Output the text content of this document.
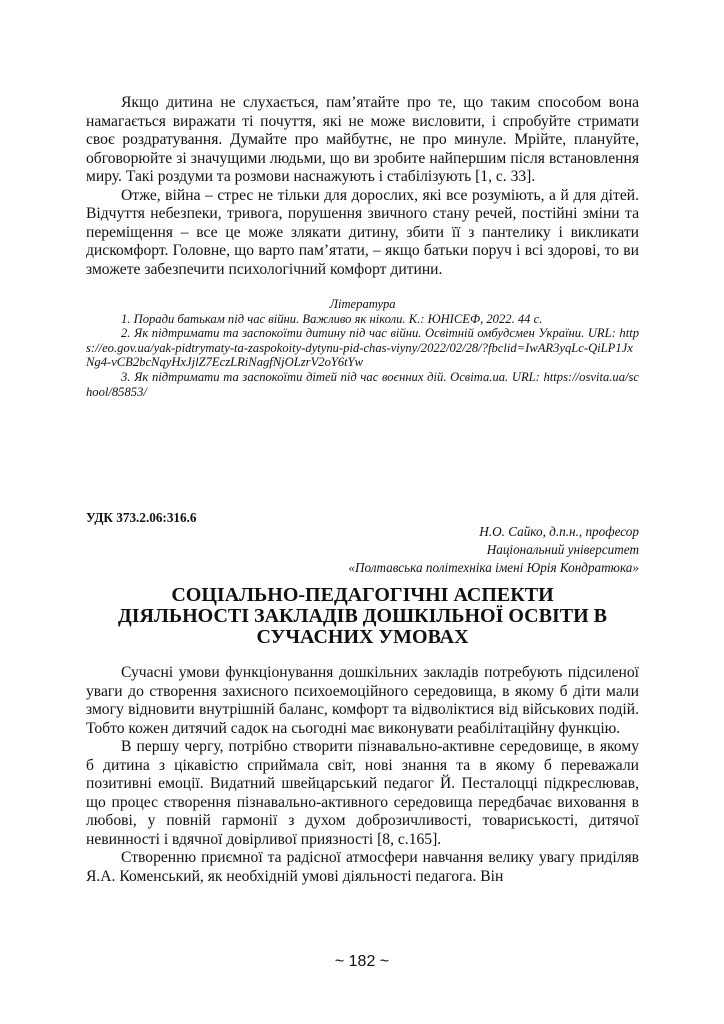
Якщо дитина не слухається, пам’ятайте про те, що таким способом вона намагається виражати ті почуття, які не може висловити, і спробуйте стримати своє роздратування. Думайте про майбутнє, не про минуле. Мрійте, плануйте, обговорюйте зі значущими людьми, що ви зробите найпершим після встановлення миру. Такі роздуми та розмови наснажують і стабілізують [1, с. 33].

Отже, війна – стрес не тільки для дорослих, які все розуміють, а й для дітей. Відчуття небезпеки, тривога, порушення звичного стану речей, постійні зміни та переміщення – все це може злякати дитину, збити її з пантелику і викликати дискомфорт. Головне, що варто пам’ятати, – якщо батьки поруч і всі здорові, то ви зможете забезпечити психологічний комфорт дитини.

Література

1. Поради батькам під час війни. Важливо як ніколи. К.: ЮНІСЕФ, 2022. 44 с.

2. Як підтримати та заспокоїти дитину під час війни. Освітній омбудсмен України. URL: https://eo.gov.ua/yak-pidtrymaty-ta-zaspokoity-dytynu-pid-chas-viyny/2022/02/28/?fbclid=IwAR3yqLc-QiLP1JxNg4-vCB2bcNqyHxJjlZ7EczLRiNagfNjOLzrV2oY6tYw

3. Як підтримати та заспокоїти дітей під час воєнних дій. Освіта.ua. URL: https://osvita.ua/school/85853/

УДК 373.2.06:316.6
Н.О. Сайко, д.п.н., професор
Національний університет
«Полтавська політехніка імені Юрія Кондратюка»
СОЦІАЛЬНО-ПЕДАГОГІЧНІ АСПЕКТИ
ДІЯЛЬНОСТІ ЗАКЛАДІВ ДОШКІЛЬНОЇ ОСВІТИ В
СУЧАСНИХ УМОВАХ

Сучасні умови функціонування дошкільних закладів потребують підсиленої уваги до створення захисного психоемоційного середовища, в якому б діти мали змогу відновити внутрішній баланс, комфорт та відволіктися від військових подій. Тобто кожен дитячий садок на сьогодні має виконувати реабілітаційну функцію.

В першу чергу, потрібно створити пізнавально-активне середовище, в якому б дитина з цікавістю сприймала світ, нові знання та в якому б переважали позитивні емоції. Видатний швейцарський педагог Й. Песталоцці підкреслював, що процес створення пізнавально-активного середовища передбачає виховання в любові, у повній гармонії з духом доброзичливості, товариськості, дитячої невинності і вдячної довірливої приязності [8, с.165].

Створенню приємної та радісної атмосфери навчання велику увагу приділяв Я.А. Коменський, як необхідній умові діяльності педагога. Він

~ 182 ~
